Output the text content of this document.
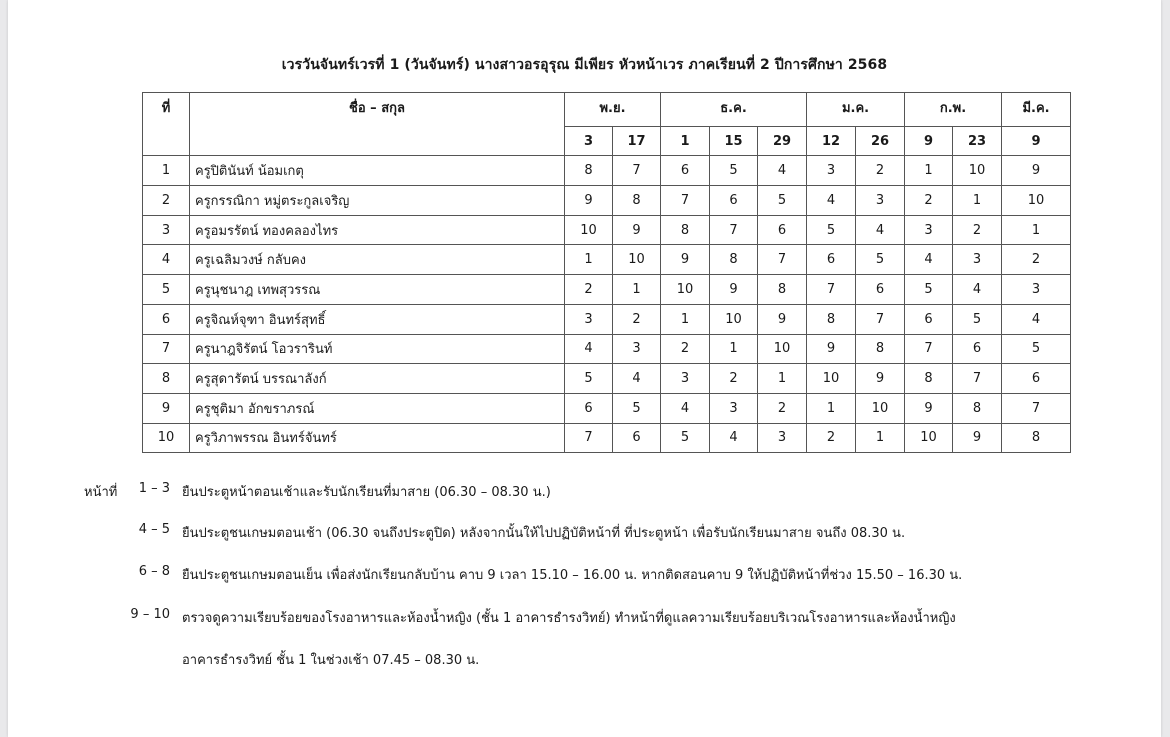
เวรวันจันทร์เวรที่ 1 (วันจันทร์) นางสาวอรอุรุณ มีเพียร หัวหน้าเวร ภาคเรียนที่ 2 ปีการศึกษา 2568
ที่	ชื่อ – สกุล	พ.ย.		ธ.ค.			ม.ค.		ก.พ.		มี.ค.
		3	17	1	15	29	12	26	9	23	9
1	ครูปิตินันท์ น้อมเกตุ	8	7	6	5	4	3	2	1	10	9
2	ครูกรรณิกา หมู่ตระกูลเจริญ	9	8	7	6	5	4	3	2	1	10
3	ครูอมรรัตน์ ทองคลองไทร	10	9	8	7	6	5	4	3	2	1
4	ครูเฉลิมวงษ์ กลับคง	1	10	9	8	7	6	5	4	3	2
5	ครูนุชนาฎ เทพสุวรรณ	2	1	10	9	8	7	6	5	4	3
6	ครูจิณห์จุฑา อินทร์สุทธิ์	3	2	1	10	9	8	7	6	5	4
7	ครูนาฎจิรัตน์ โอวรารินท์	4	3	2	1	10	9	8	7	6	5
8	ครูสุดารัตน์ บรรณาลังก์	5	4	3	2	1	10	9	8	7	6
9	ครูชุติมา อักขราภรณ์	6	5	4	3	2	1	10	9	8	7
10	ครูวิภาพรรณ อินทร์จันทร์	7	6	5	4	3	2	1	10	9	8
หน้าที่	1 – 3 ยืนประตูหน้าตอนเช้าและรับนักเรียนที่มาสาย (06.30 – 08.30 น.)
4 – 5 ยืนประตูชนเกษมตอนเช้า (06.30 จนถึงประตูปิด) หลังจากนั้นให้ไปปฏิบัติหน้าที่ ที่ประตูหน้า เพื่อรับนักเรียนมาสาย จนถึง 08.30 น.
6 – 8 ยืนประตูชนเกษมตอนเย็น เพื่อส่งนักเรียนกลับบ้าน คาบ 9 เวลา 15.10 – 16.00 น. หากติดสอนคาบ 9 ให้ปฏิบัติหน้าที่ช่วง 15.50 – 16.30 น.
9 – 10 ตรวจดูความเรียบร้อยของโรงอาหารและห้องน้ำหญิง (ชั้น 1 อาคารธำรงวิทย์) ทำหน้าที่ดูแลความเรียบร้อยบริเวณโรงอาหารและห้องน้ำหญิง
อาคารธำรงวิทย์ ชั้น 1 ในช่วงเช้า 07.45 – 08.30 น.
